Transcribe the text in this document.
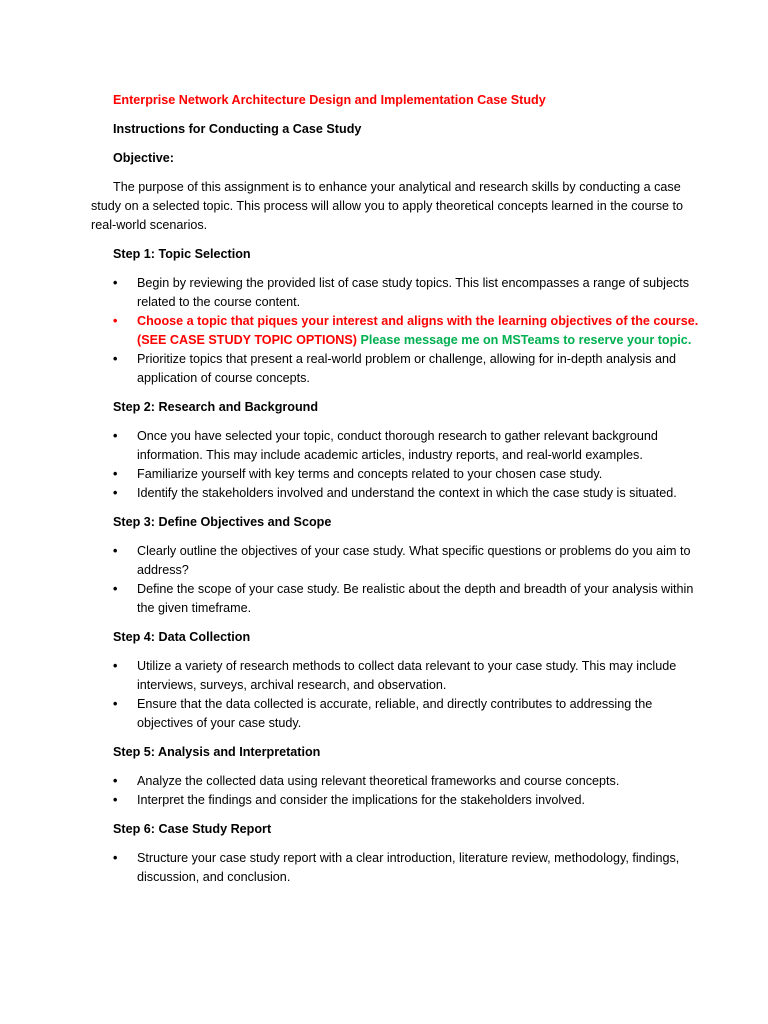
Enterprise Network Architecture Design and Implementation Case Study
Instructions for Conducting a Case Study
Objective:

The purpose of this assignment is to enhance your analytical and research skills by conducting a case study on a selected topic. This process will allow you to apply theoretical concepts learned in the course to real-world scenarios.

Step 1: Topic Selection
• Begin by reviewing the provided list of case study topics. This list encompasses a range of subjects related to the course content.
• Choose a topic that piques your interest and aligns with the learning objectives of the course. (SEE CASE STUDY TOPIC OPTIONS) Please message me on MSTeams to reserve your topic.
• Prioritize topics that present a real-world problem or challenge, allowing for in-depth analysis and application of course concepts.
Step 2: Research and Background
• Once you have selected your topic, conduct thorough research to gather relevant background information. This may include academic articles, industry reports, and real-world examples.
• Familiarize yourself with key terms and concepts related to your chosen case study.
• Identify the stakeholders involved and understand the context in which the case study is situated.
Step 3: Define Objectives and Scope
• Clearly outline the objectives of your case study. What specific questions or problems do you aim to address?
• Define the scope of your case study. Be realistic about the depth and breadth of your analysis within the given timeframe.
Step 4: Data Collection
• Utilize a variety of research methods to collect data relevant to your case study. This may include interviews, surveys, archival research, and observation.
• Ensure that the data collected is accurate, reliable, and directly contributes to addressing the objectives of your case study.
Step 5: Analysis and Interpretation
• Analyze the collected data using relevant theoretical frameworks and course concepts.
• Interpret the findings and consider the implications for the stakeholders involved.
Step 6: Case Study Report
• Structure your case study report with a clear introduction, literature review, methodology, findings, discussion, and conclusion.
